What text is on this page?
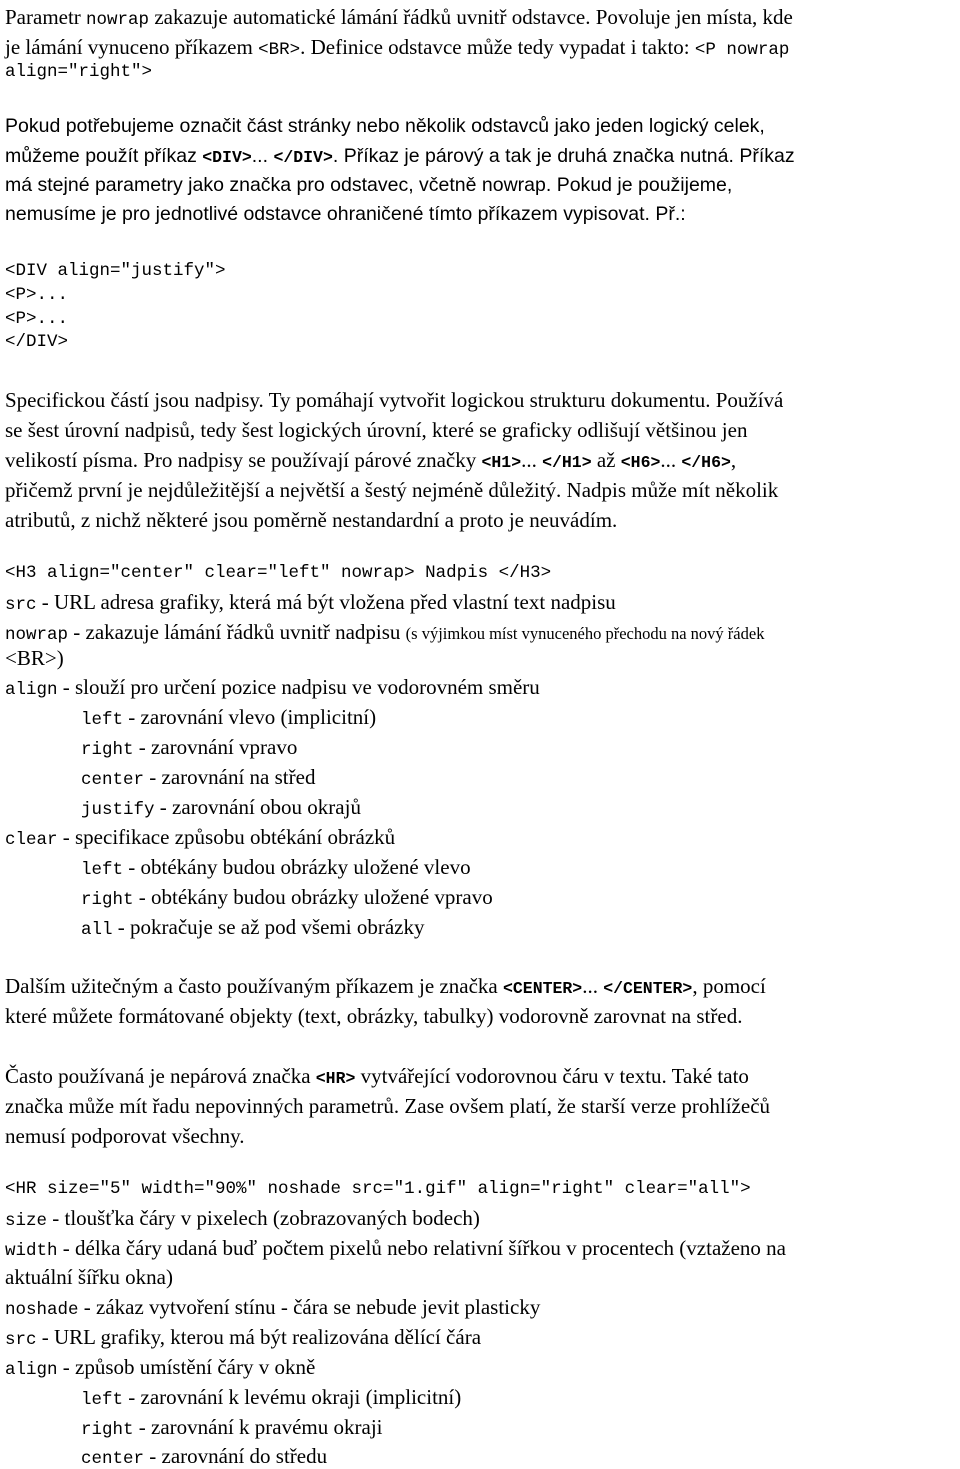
Parametr nowrap zakazuje automatické lámání řádků uvnitř odstavce. Povoluje jen místa, kde
je lámání vynuceno příkazem <BR>. Definice odstavce může tedy vypadat i takto: <P nowrap
align="right">
Pokud potřebujeme označit část stránky nebo několik odstavců jako jeden logický celek,
můžeme použít příkaz <DIV>... </DIV>. Příkaz je párový a tak je druhá značka nutná. Příkaz
má stejné parametry jako značka pro odstavec, včetně nowrap. Pokud je použijeme,
nemusíme je pro jednotlivé odstavce ohraničené tímto příkazem vypisovat. Př.:
<DIV align="justify">
<P>...
<P>...
</DIV>
Specifickou částí jsou nadpisy. Ty pomáhají vytvořit logickou strukturu dokumentu. Používá
se šest úrovní nadpisů, tedy šest logických úrovní, které se graficky odlišují většinou jen
velikostí písma. Pro nadpisy se používají párové značky <H1>... </H1> až <H6>... </H6>,
přičemž první je nejdůležitější a největší a šestý nejméně důležitý. Nadpis může mít několik
atributů, z nichž některé jsou poměrně nestandardní a proto je neuvádím.
<H3 align="center" clear="left" nowrap> Nadpis </H3>
src - URL adresa grafiky, která má být vložena před vlastní text nadpisu
nowrap - zakazuje lámání řádků uvnitř nadpisu (s výjimkou míst vynuceného přechodu na nový řádek
<BR>)
align - slouží pro určení pozice nadpisu ve vodorovném směru
left - zarovnání vlevo (implicitní)
right - zarovnání vpravo
center - zarovnání na střed
justify - zarovnání obou okrajů
clear - specifikace způsobu obtékání obrázků
left - obtékány budou obrázky uložené vlevo
right - obtékány budou obrázky uložené vpravo
all - pokračuje se až pod všemi obrázky
Dalším užitečným a často používaným příkazem je značka <CENTER>... </CENTER>, pomocí
které můžete formátované objekty (text, obrázky, tabulky) vodorovně zarovnat na střed.
Často používaná je nepárová značka <HR> vytvářející vodorovnou čáru v textu. Také tato
značka může mít řadu nepovinných parametrů. Zase ovšem platí, že starší verze prohlížečů
nemusí podporovat všechny.
<HR size="5" width="90%" noshade src="1.gif" align="right" clear="all">
size - tloušťka čáry v pixelech (zobrazovaných bodech)
width - délka čáry udaná buď počtem pixelů nebo relativní šířkou v procentech (vztaženo na
aktuální šířku okna)
noshade - zákaz vytvoření stínu - čára se nebude jevit plasticky
src - URL grafiky, kterou má být realizována dělící čára
align - způsob umístění čáry v okně
left - zarovnání k levému okraji (implicitní)
right - zarovnání k pravému okraji
center - zarovnání do středu
